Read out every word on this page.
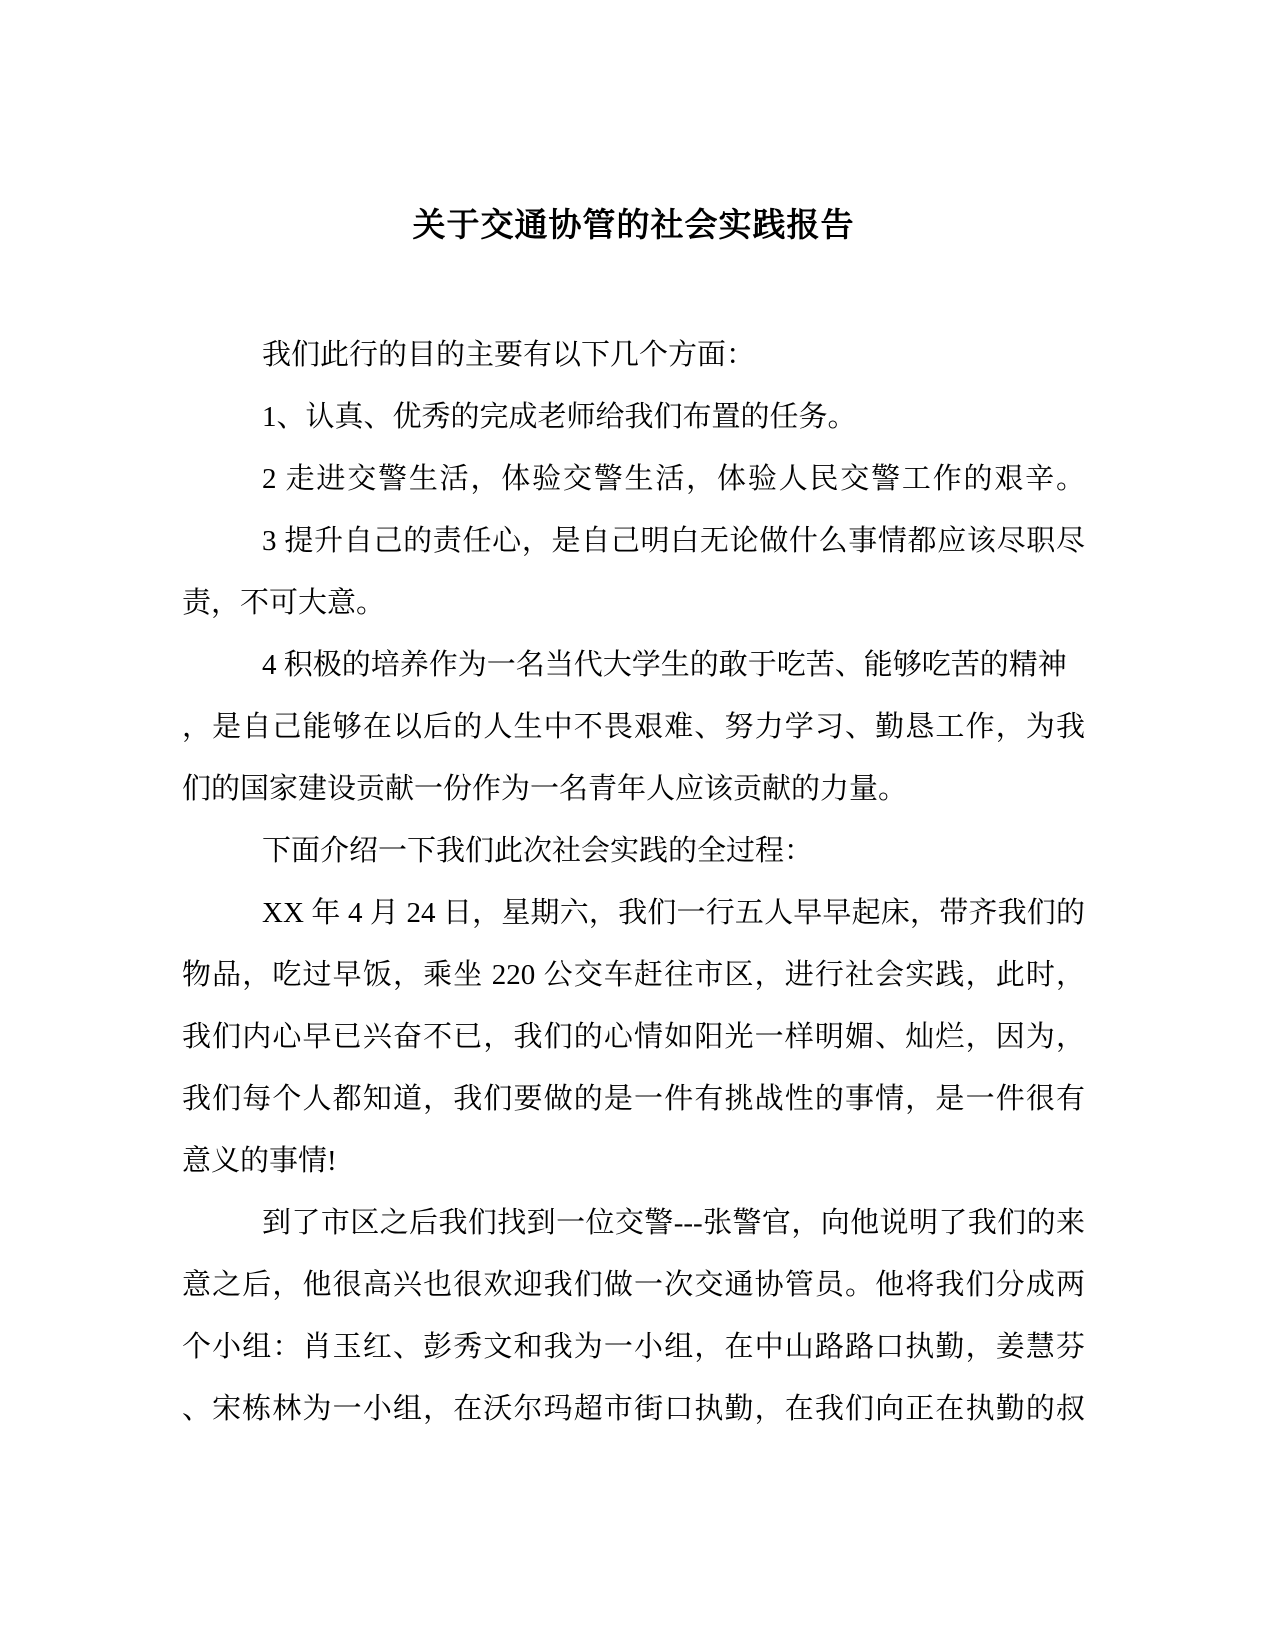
关于交通协管的社会实践报告
我们此行的目的主要有以下几个方面：
1、认真、优秀的完成老师给我们布置的任务。
2 走进交警生活，体验交警生活，体验人民交警工作的艰辛。
3 提升自己的责任心，是自己明白无论做什么事情都应该尽职尽
责，不可大意。
4 积极的培养作为一名当代大学生的敢于吃苦、能够吃苦的精神
，是自己能够在以后的人生中不畏艰难、努力学习、勤恳工作，为我
们的国家建设贡献一份作为一名青年人应该贡献的力量。
下面介绍一下我们此次社会实践的全过程：
XX 年 4 月 24 日，星期六，我们一行五人早早起床，带齐我们的
物品，吃过早饭，乘坐 220 公交车赶往市区，进行社会实践，此时，
我们内心早已兴奋不已，我们的心情如阳光一样明媚、灿烂，因为，
我们每个人都知道，我们要做的是一件有挑战性的事情，是一件很有
意义的事情!
到了市区之后我们找到一位交警---张警官，向他说明了我们的来
意之后，他很高兴也很欢迎我们做一次交通协管员。他将我们分成两
个小组：肖玉红、彭秀文和我为一小组，在中山路路口执勤，姜慧芬
、宋栋林为一小组，在沃尔玛超市街口执勤，在我们向正在执勤的叔
